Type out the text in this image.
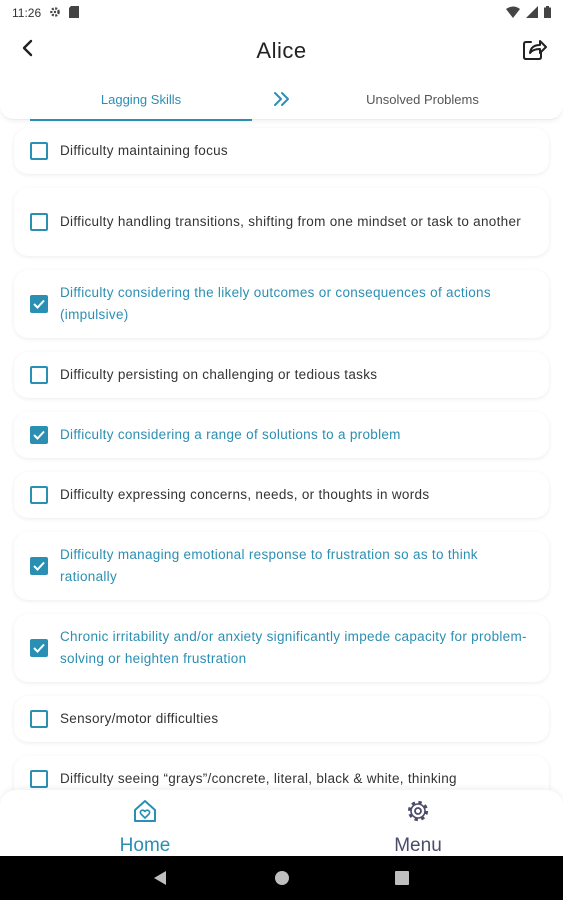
11:26
Alice
Lagging Skills	Unsolved Problems
Difficulty maintaining focus
Difficulty handling transitions, shifting from one mindset or task to another
Difficulty considering the likely outcomes or consequences of actions (impulsive)
Difficulty persisting on challenging or tedious tasks
Difficulty considering a range of solutions to a problem
Difficulty expressing concerns, needs, or thoughts in words
Difficulty managing emotional response to frustration so as to think rationally
Chronic irritability and/or anxiety significantly impede capacity for problem-solving or heighten frustration
Sensory/motor difficulties
Difficulty seeing “grays”/concrete, literal, black & white, thinking
Home	Menu
